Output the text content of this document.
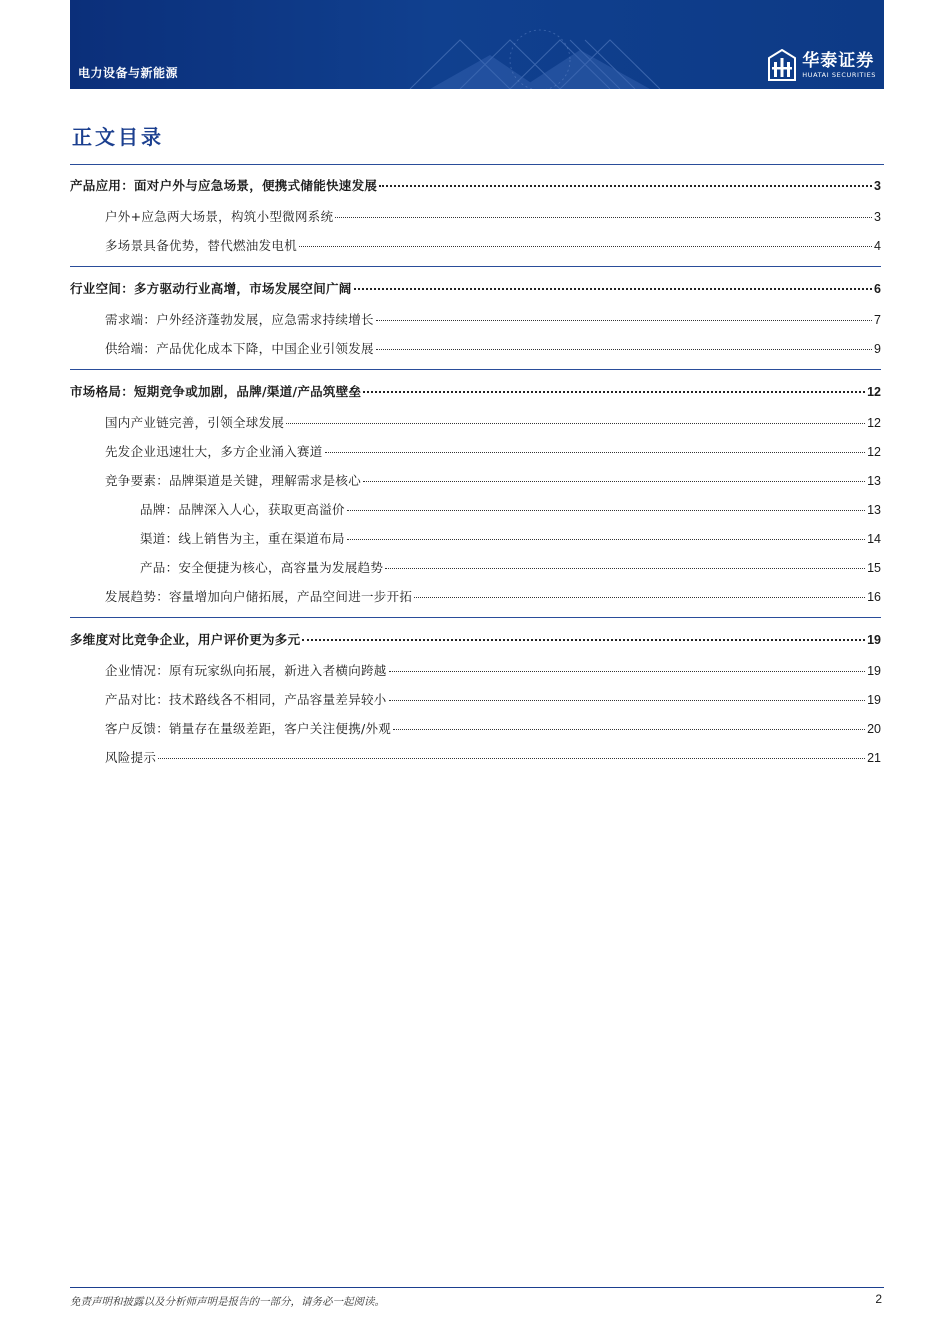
电力设备与新能源
华泰证券
HUATAI SECURITIES
正文目录
产品应用：面对户外与应急场景，便携式储能快速发展	3
户外+应急两大场景，构筑小型微网系统	3
多场景具备优势，替代燃油发电机	4
行业空间：多方驱动行业高增，市场发展空间广阔	6
需求端：户外经济蓬勃发展，应急需求持续增长	7
供给端：产品优化成本下降，中国企业引领发展	9
市场格局：短期竞争或加剧，品牌/渠道/产品筑壁垒	12
国内产业链完善，引领全球发展	12
先发企业迅速壮大，多方企业涌入赛道	12
竞争要素：品牌渠道是关键，理解需求是核心	13
品牌：品牌深入人心，获取更高溢价	13
渠道：线上销售为主，重在渠道布局	14
产品：安全便捷为核心，高容量为发展趋势	15
发展趋势：容量增加向户储拓展，产品空间进一步开拓	16
多维度对比竞争企业，用户评价更为多元	19
企业情况：原有玩家纵向拓展，新进入者横向跨越	19
产品对比：技术路线各不相同，产品容量差异较小	19
客户反馈：销量存在量级差距，客户关注便携/外观	20
风险提示	21
免责声明和披露以及分析师声明是报告的一部分，请务必一起阅读。	2
